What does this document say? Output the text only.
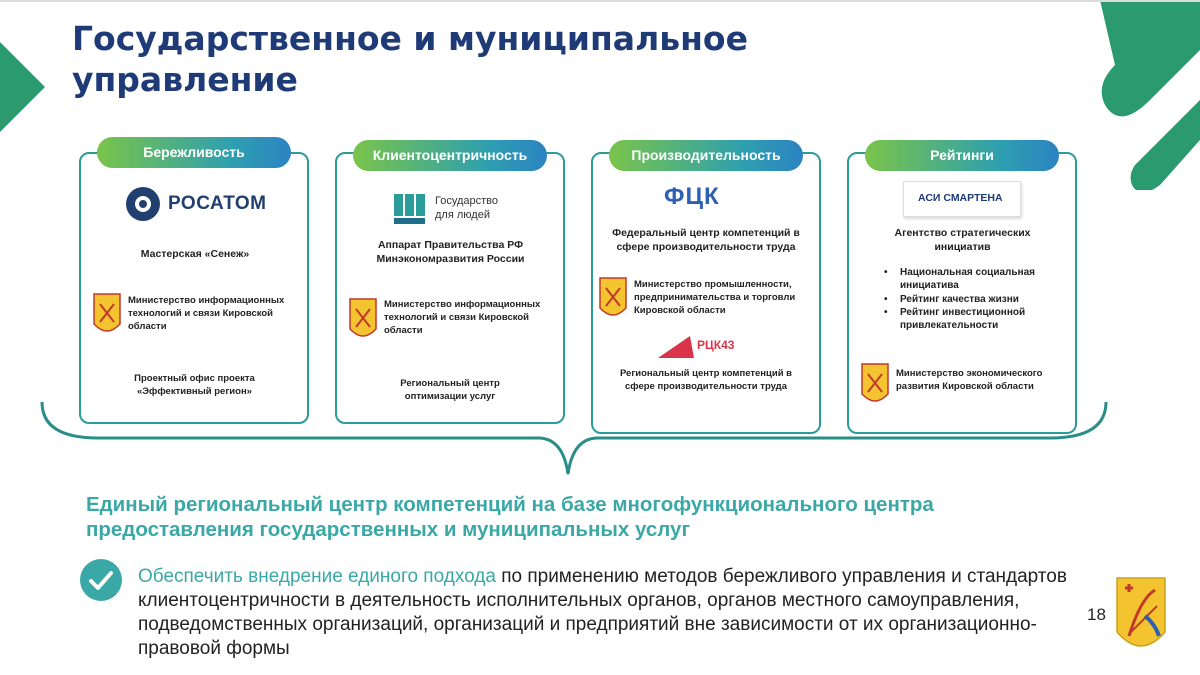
Государственное и муниципальное управление
Бережливость
РОСАТОМ
Мастерская «Сенеж»
Министерство информационных технологий и связи Кировской области
Проектный офис проекта «Эффективный регион»
Клиентоцентричность
Государство для людей
Аппарат Правительства РФ Минэкономразвития России
Министерство информационных технологий и связи Кировской области
Региональный центр оптимизации услуг
Производительность
ФЦК
Федеральный центр компетенций в сфере производительности труда
Министерство промышленности, предпринимательства и торговли Кировской области
РЦК43
Региональный центр компетенций в сфере производительности труда
Рейтинги
АСИ СМАРТЕНА
Агентство стратегических инициатив
• Национальная социальная инициатива
• Рейтинг качества жизни
• Рейтинг инвестиционной привлекательности
Министерство экономического развития Кировской области
Единый региональный центр компетенций на базе многофункционального центра предоставления государственных и муниципальных услуг
Обеспечить внедрение единого подхода по применению методов бережливого управления и стандартов клиентоцентричности в деятельность исполнительных органов, органов местного самоуправления, подведомственных организаций, организаций и предприятий вне зависимости от их организационно-правовой формы
18
